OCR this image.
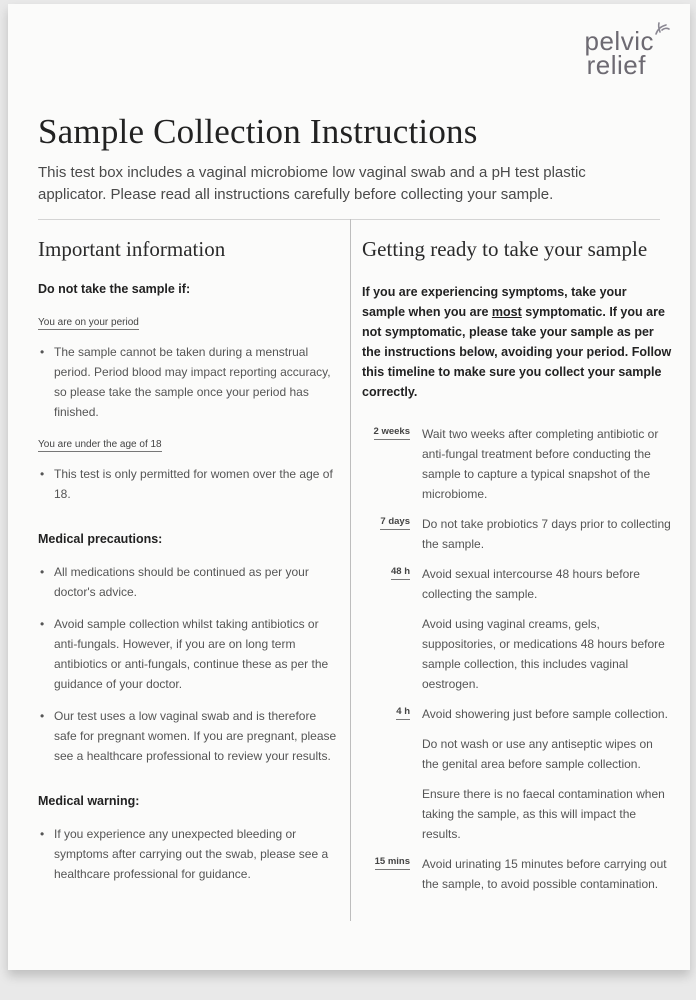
pelvic
relief
Sample Collection Instructions
This test box includes a vaginal microbiome low vaginal swab and a pH test plastic applicator. Please read all instructions carefully before collecting your sample.
Important information
Do not take the sample if:
You are on your period
• The sample cannot be taken during a menstrual period. Period blood may impact reporting accuracy, so please take the sample once your period has finished.
You are under the age of 18
• This test is only permitted for women over the age of 18.
Medical precautions:
• All medications should be continued as per your doctor's advice.
• Avoid sample collection whilst taking antibiotics or anti-fungals. However, if you are on long term antibiotics or anti-fungals, continue these as per the guidance of your doctor.
• Our test uses a low vaginal swab and is therefore safe for pregnant women. If you are pregnant, please see a healthcare professional to review your results.
Medical warning:
• If you experience any unexpected bleeding or symptoms after carrying out the swab, please see a healthcare professional for guidance.
Getting ready to take your sample
If you are experiencing symptoms, take your sample when you are most symptomatic. If you are not symptomatic, please take your sample as per the instructions below, avoiding your period. Follow this timeline to make sure you collect your sample correctly.
2 weeks Wait two weeks after completing antibiotic or anti-fungal treatment before conducting the sample to capture a typical snapshot of the microbiome.
7 days Do not take probiotics 7 days prior to collecting the sample.
48 h Avoid sexual intercourse 48 hours before collecting the sample.
Avoid using vaginal creams, gels, suppositories, or medications 48 hours before sample collection, this includes vaginal oestrogen.
4 h Avoid showering just before sample collection.
Do not wash or use any antiseptic wipes on the genital area before sample collection.
Ensure there is no faecal contamination when taking the sample, as this will impact the results.
15 mins Avoid urinating 15 minutes before carrying out the sample, to avoid possible contamination.
